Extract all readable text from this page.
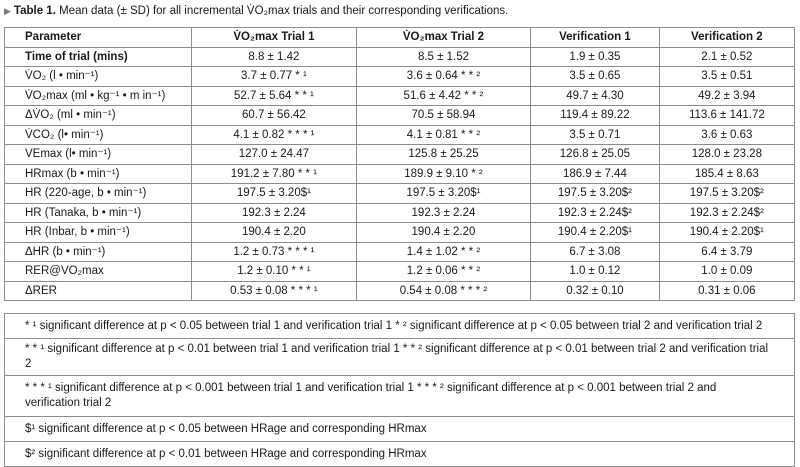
▶ Table 1. Mean data (± SD) for all incremental V̇O₂max trials and their corresponding verifications.
Parameter	V̇O₂max Trial 1	V̇O₂max Trial 2	Verification 1	Verification 2
Time of trial (mins)	8.8 ± 1.42	8.5 ± 1.52	1.9 ± 0.35	2.1 ± 0.52
V̇O₂ (l • min⁻¹)	3.7 ± 0.77 * ¹	3.6 ± 0.64 * * ²	3.5 ± 0.65	3.5 ± 0.51
V̇O₂max (ml • kg⁻¹ • m in⁻¹)	52.7 ± 5.64 * * ¹	51.6 ± 4.42 * * ²	49.7 ± 4.30	49.2 ± 3.94
ΔV̇O₂ (ml • min⁻¹)	60.7 ± 56.42	70.5 ± 58.94	119.4 ± 89.22	113.6 ± 141.72
V̇CO₂ (l• min⁻¹)	4.1 ± 0.82 * * * ¹	4.1 ± 0.81 * * ²	3.5 ± 0.71	3.6 ± 0.63
VEmax (l• min⁻¹)	127.0 ± 24.47	125.8 ± 25.25	126.8 ± 25.05	128.0 ± 23.28
HRmax (b • min⁻¹)	191.2 ± 7.80 * * ¹	189.9 ± 9.10 * ²	186.9 ± 7.44	185.4 ± 8.63
HR (220-age, b • min⁻¹)	197.5 ± 3.20$¹	197.5 ± 3.20$¹	197.5 ± 3.20$²	197.5 ± 3.20$²
HR (Tanaka, b • min⁻¹)	192.3 ± 2.24	192.3 ± 2.24	192.3 ± 2.24$²	192.3 ± 2.24$²
HR (Inbar, b • min⁻¹)	190.4 ± 2.20	190.4 ± 2.20	190.4 ± 2.20$¹	190.4 ± 2.20$¹
ΔHR (b • min⁻¹)	1.2 ± 0.73 * * * ¹	1.4 ± 1.02 * * ²	6.7 ± 3.08	6.4 ± 3.79
RER@VO₂max	1.2 ± 0.10 * * ¹	1.2 ± 0.06 * * ²	1.0 ± 0.12	1.0 ± 0.09
ΔRER	0.53 ± 0.08 * * * ¹	0.54 ± 0.08 * * * ²	0.32 ± 0.10	0.31 ± 0.06
* ¹ significant difference at p < 0.05 between trial 1 and verification trial 1 * ² significant difference at p < 0.05 between trial 2 and verification trial 2
* * ¹ significant difference at p < 0.01 between trial 1 and verification trial 1 * * ² significant difference at p < 0.01 between trial 2 and verification trial 2
* * * ¹ significant difference at p < 0.001 between trial 1 and verification trial 1 * * * ² significant difference at p < 0.001 between trial 2 and verification trial 2
$¹ significant difference at p < 0.05 between HRage and corresponding HRmax
$² significant difference at p < 0.01 between HRage and corresponding HRmax
